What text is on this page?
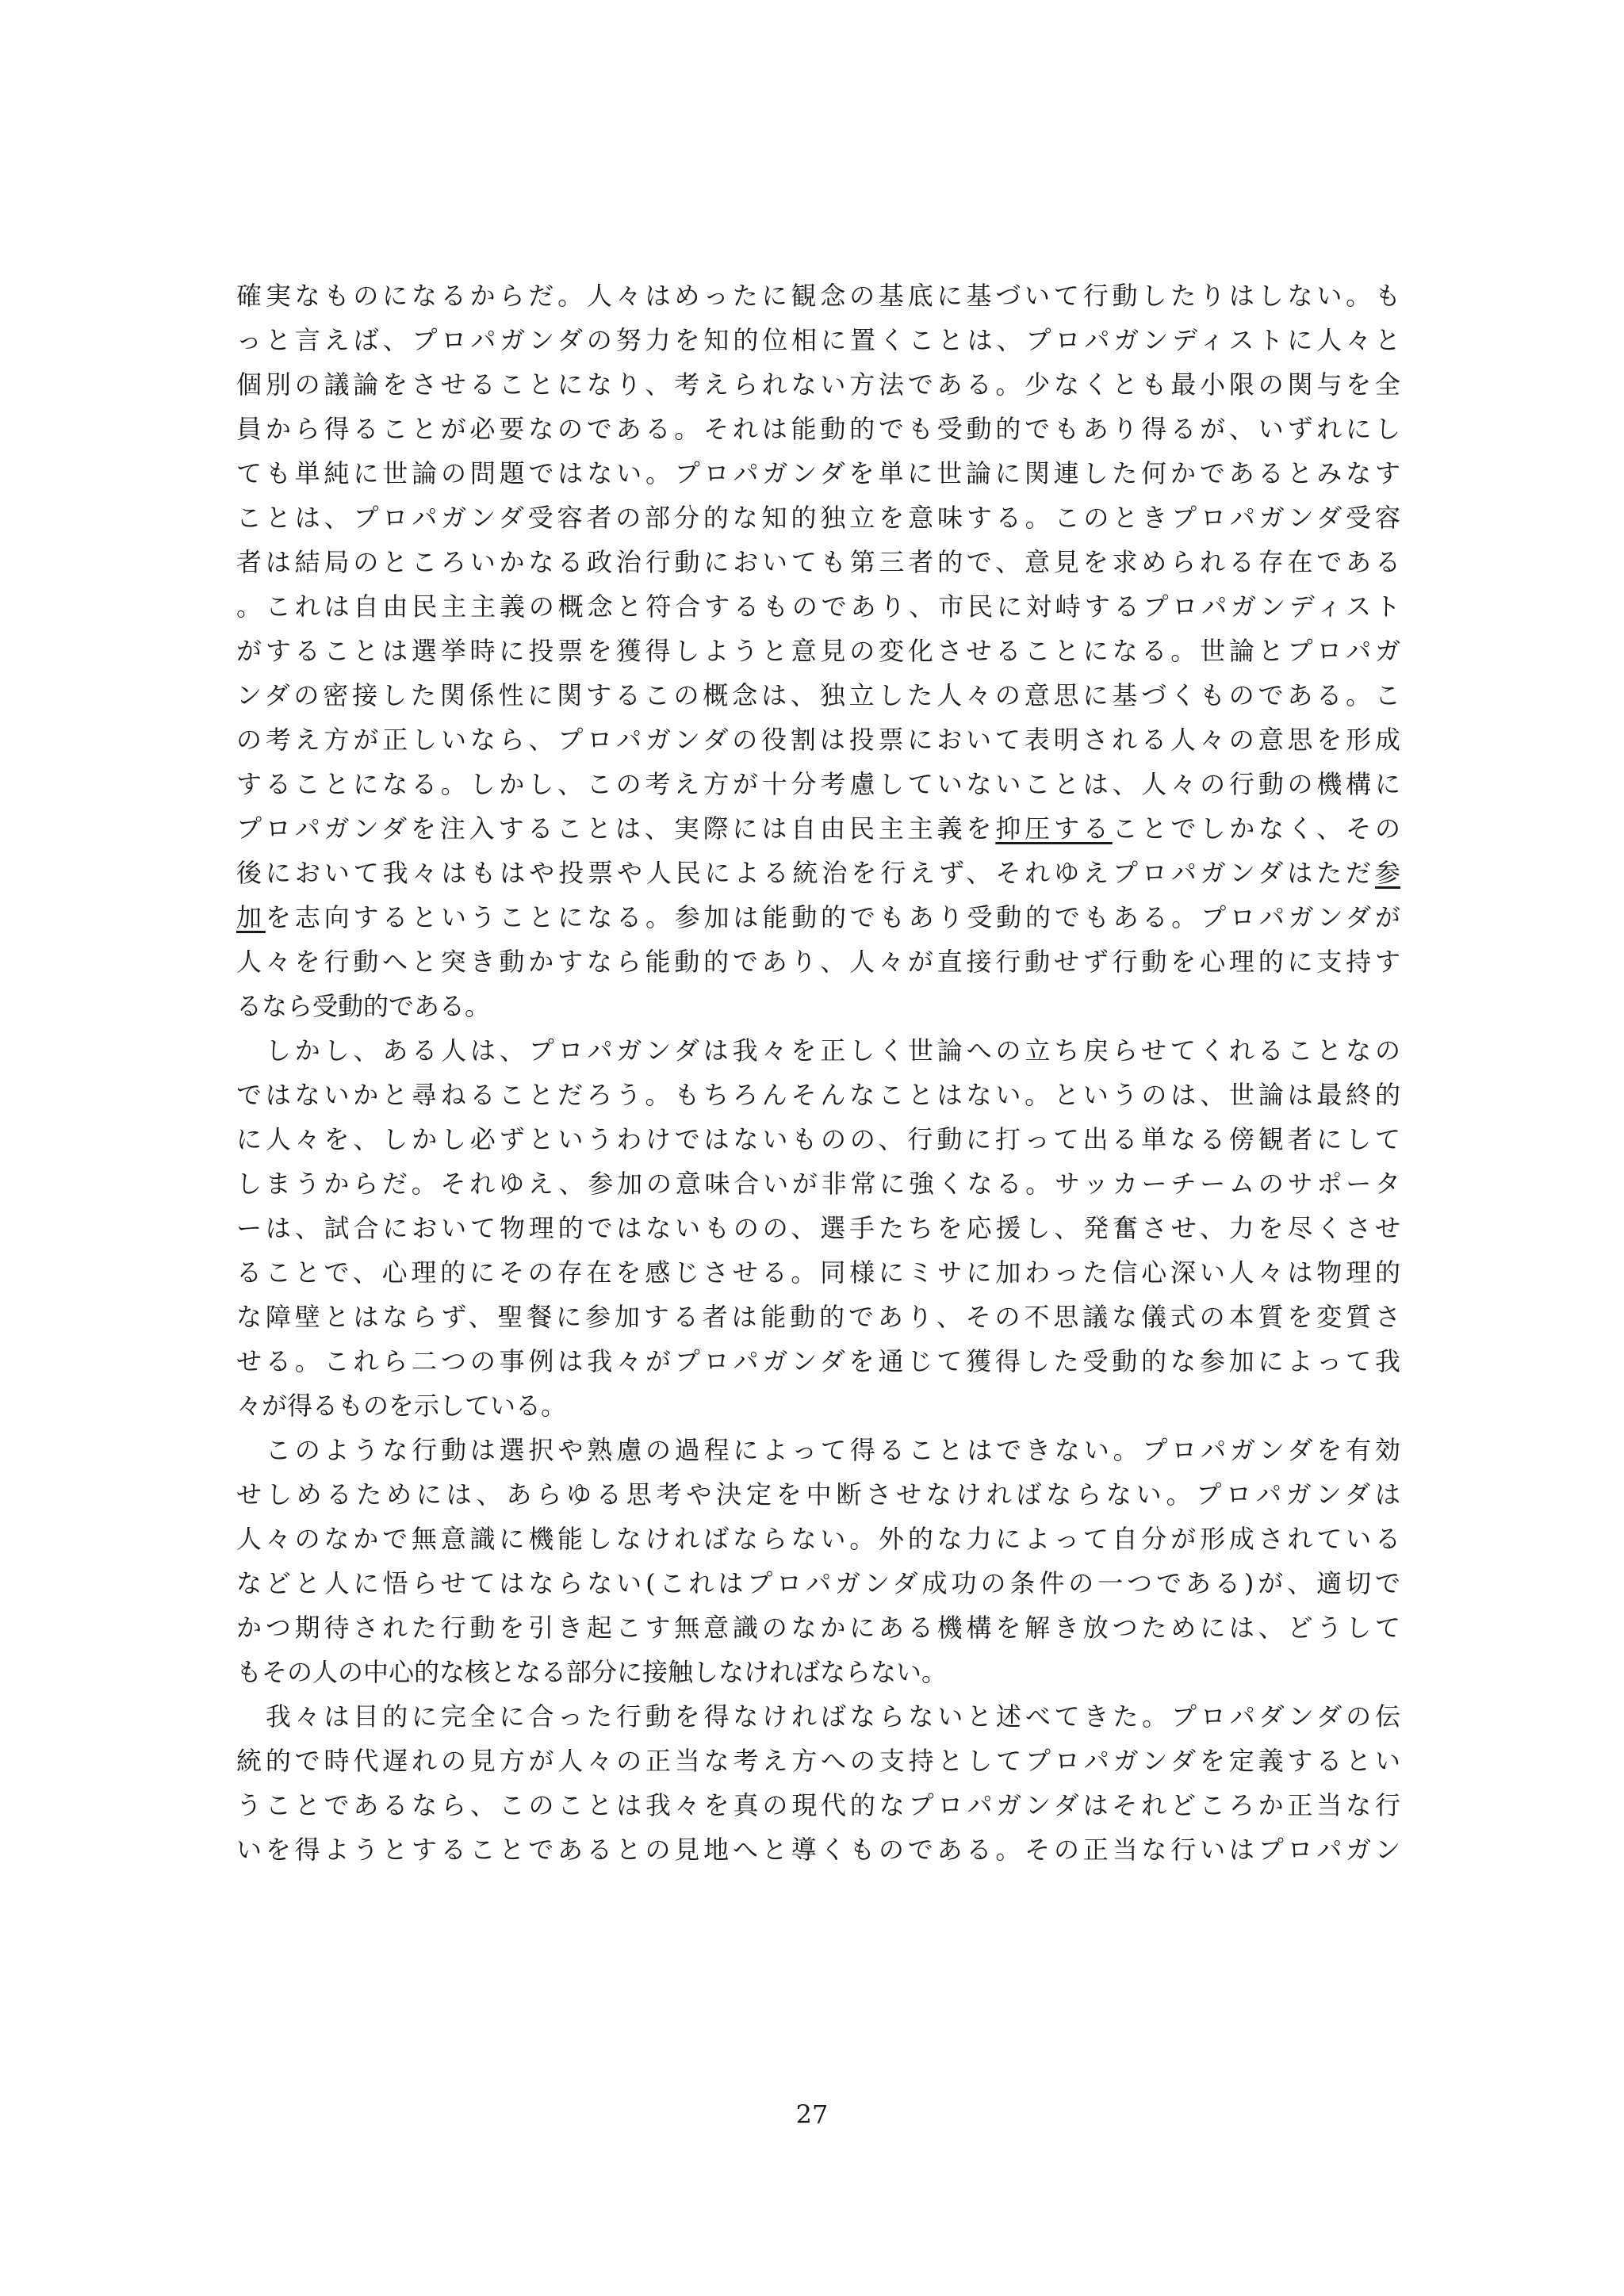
確実なものになるからだ。人々はめったに観念の基底に基づいて行動したりはしない。も
っと言えば、プロパガンダの努力を知的位相に置くことは、プロパガンディストに人々と
個別の議論をさせることになり、考えられない方法である。少なくとも最小限の関与を全
員から得ることが必要なのである。それは能動的でも受動的でもあり得るが、いずれにし
ても単純に世論の問題ではない。プロパガンダを単に世論に関連した何かであるとみなす
ことは、プロパガンダ受容者の部分的な知的独立を意味する。このときプロパガンダ受容
者は結局のところいかなる政治行動においても第三者的で、意見を求められる存在である
。これは自由民主主義の概念と符合するものであり、市民に対峙するプロパガンディスト
がすることは選挙時に投票を獲得しようと意見の変化させることになる。世論とプロパガ
ンダの密接した関係性に関するこの概念は、独立した人々の意思に基づくものである。こ
の考え方が正しいなら、プロパガンダの役割は投票において表明される人々の意思を形成
することになる。しかし、この考え方が十分考慮していないことは、人々の行動の機構に
プロパガンダを注入することは、実際には自由民主主義を抑圧することでしかなく、その
後において我々はもはや投票や人民による統治を行えず、それゆえプロパガンダはただ参
加を志向するということになる。参加は能動的でもあり受動的でもある。プロパガンダが
人々を行動へと突き動かすなら能動的であり、人々が直接行動せず行動を心理的に支持す
るなら受動的である。
　しかし、ある人は、プロパガンダは我々を正しく世論への立ち戻らせてくれることなの
ではないかと尋ねることだろう。もちろんそんなことはない。というのは、世論は最終的
に人々を、しかし必ずというわけではないものの、行動に打って出る単なる傍観者にして
しまうからだ。それゆえ、参加の意味合いが非常に強くなる。サッカーチームのサポータ
ーは、試合において物理的ではないものの、選手たちを応援し、発奮させ、力を尽くさせ
ることで、心理的にその存在を感じさせる。同様にミサに加わった信心深い人々は物理的
な障壁とはならず、聖餐に参加する者は能動的であり、その不思議な儀式の本質を変質さ
せる。これら二つの事例は我々がプロパガンダを通じて獲得した受動的な参加によって我
々が得るものを示している。
　このような行動は選択や熟慮の過程によって得ることはできない。プロパガンダを有効
せしめるためには、あらゆる思考や決定を中断させなければならない。プロパガンダは
人々のなかで無意識に機能しなければならない。外的な力によって自分が形成されている
などと人に悟らせてはならない(これはプロパガンダ成功の条件の一つである)が、適切で
かつ期待された行動を引き起こす無意識のなかにある機構を解き放つためには、どうして
もその人の中心的な核となる部分に接触しなければならない。
　我々は目的に完全に合った行動を得なければならないと述べてきた。プロパダンダの伝
統的で時代遅れの見方が人々の正当な考え方への支持としてプロパガンダを定義するとい
うことであるなら、このことは我々を真の現代的なプロパガンダはそれどころか正当な行
いを得ようとすることであるとの見地へと導くものである。その正当な行いはプロパガン
27
